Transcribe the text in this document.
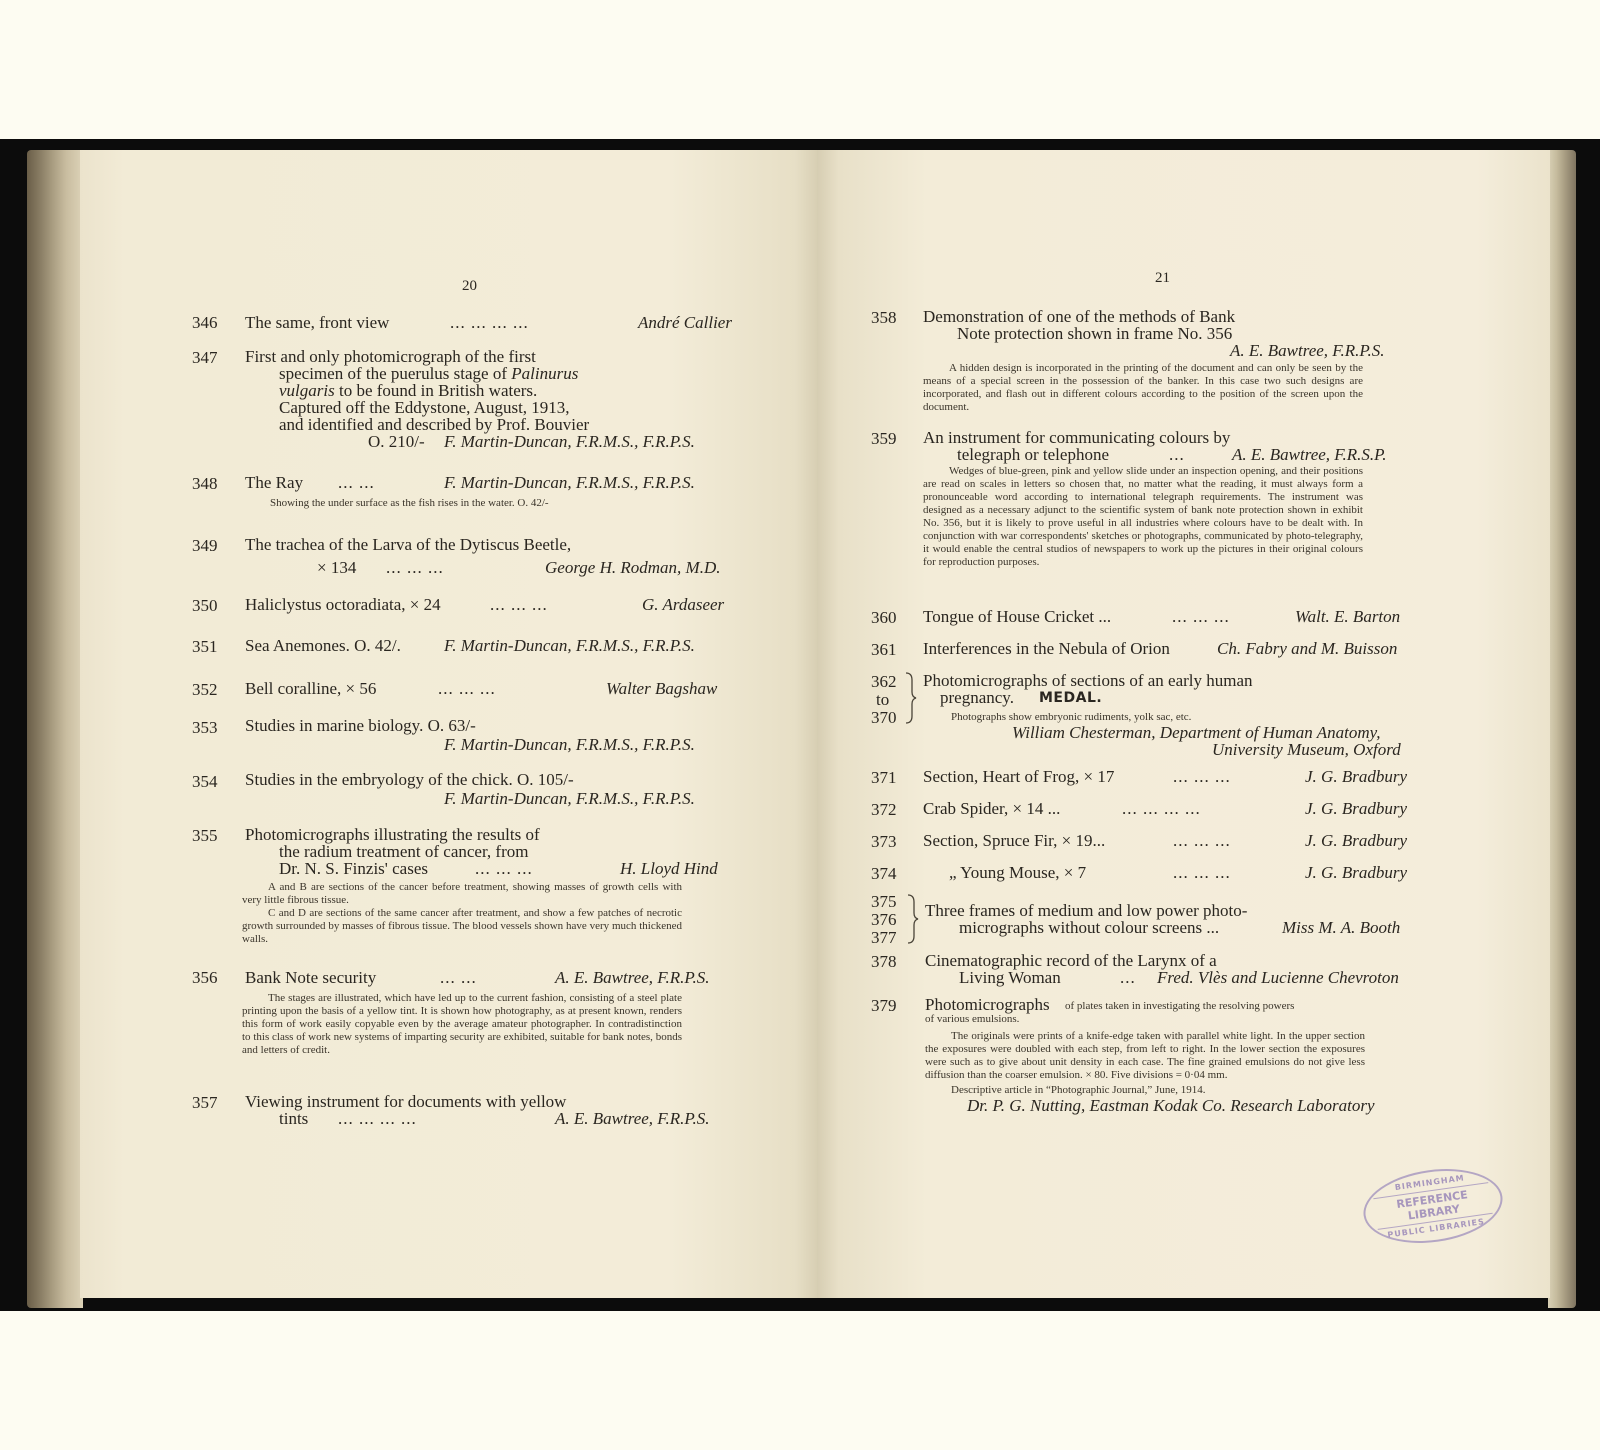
20
346 The same, front view	... ... ... ...	André Callier
347 First and only photomicrograph of the first
specimen of the puerulus stage of Palinurus
vulgaris to be found in British waters.
Captured off the Eddystone, August, 1913,
and identified and described by Prof. Bouvier
O. 210/- F. Martin-Duncan, F.R.M.S., F.R.P.S.
348 The Ray ... ...	F. Martin-Duncan, F.R.M.S., F.R.P.S.
Showing the under surface as the fish rises in the water. O. 42/-
349 The trachea of the Larva of the Dytiscus Beetle,
× 134 ... ... ...	George H. Rodman, M.D.
350 Haliclystus octoradiata, × 24	... ... ...	G. Ardaseer
351 Sea Anemones. O. 42/.	F. Martin-Duncan, F.R.M.S., F.R.P.S.
352 Bell coralline, × 56	... ... ...	Walter Bagshaw
353 Studies in marine biology. O. 63/-
F. Martin-Duncan, F.R.M.S., F.R.P.S.
354 Studies in the embryology of the chick. O. 105/-
F. Martin-Duncan, F.R.M.S., F.R.P.S.
355 Photomicrographs illustrating the results of
the radium treatment of cancer, from
Dr. N. S. Finzis' cases	... ... ...	H. Lloyd Hind
A and B are sections of the cancer before treatment, showing masses of growth cells with very little fibrous tissue.
C and D are sections of the same cancer after treatment, and show a few patches of necrotic growth surrounded by masses of fibrous tissue. The blood vessels shown have very much thickened walls.
356 Bank Note security	... ...	A. E. Bawtree, F.R.P.S.
The stages are illustrated, which have led up to the current fashion, consisting of a steel plate printing upon the basis of a yellow tint. It is shown how photography, as at present known, renders this form of work easily copyable even by the average amateur photographer. In contradistinction to this class of work new systems of imparting security are exhibited, suitable for bank notes, bonds and letters of credit.
357 Viewing instrument for documents with yellow
tints ... ... ... ...	A. E. Bawtree, F.R.P.S.
21
358 Demonstration of one of the methods of Bank
Note protection shown in frame No. 356
A. E. Bawtree, F.R.P.S.
A hidden design is incorporated in the printing of the document and can only be seen by the means of a special screen in the possession of the banker. In this case two such designs are incorporated, and flash out in different colours according to the position of the screen upon the document.
359 An instrument for communicating colours by
telegraph or telephone	...	A. E. Bawtree, F.R.S.P.
Wedges of blue-green, pink and yellow slide under an inspection opening, and their positions are read on scales in letters so chosen that, no matter what the reading, it must always form a pronounceable word according to international telegraph requirements. The instrument was designed as a necessary adjunct to the scientific system of bank note protection shown in exhibit No. 356, but it is likely to prove useful in all industries where colours have to be dealt with. In conjunction with war correspondents' sketches or photographs, communicated by photo-telegraphy, it would enable the central studios of newspapers to work up the pictures in their original colours for reproduction purposes.
360 Tongue of House Cricket ...	... ... ...	Walt. E. Barton
361 Interferences in the Nebula of Orion	Ch. Fabry and M. Buisson
362
to
370
Photomicrographs of sections of an early human
pregnancy. MEDAL.
Photographs show embryonic rudiments, yolk sac, etc.
William Chesterman, Department of Human Anatomy,
University Museum, Oxford
371 Section, Heart of Frog, × 17	... ... ...	J. G. Bradbury
372 Crab Spider, × 14 ...	... ... ... ...	J. G. Bradbury
373 Section, Spruce Fir, × 19...	... ... ...	J. G. Bradbury
374	„ Young Mouse, × 7	... ... ...	J. G. Bradbury
375
376
377
Three frames of medium and low power photo-
micrographs without colour screens ...	Miss M. A. Booth
378 Cinematographic record of the Larynx of a
Living Woman	... Fred. Vlès and Lucienne Chevroton
379 Photomicrographs of plates taken in investigating the resolving powers
of various emulsions.
The originals were prints of a knife-edge taken with parallel white light. In the upper section the exposures were doubled with each step, from left to right. In the lower section the exposures were such as to give about unit density in each case. The fine grained emulsions do not give less diffusion than the coarser emulsion. × 80. Five divisions = 0·04 mm.
Descriptive article in “Photographic Journal,” June, 1914.
Dr. P. G. Nutting, Eastman Kodak Co. Research Laboratory
BIRMINGHAM
REFERENCE LIBRARY
PUBLIC LIBRARIES
